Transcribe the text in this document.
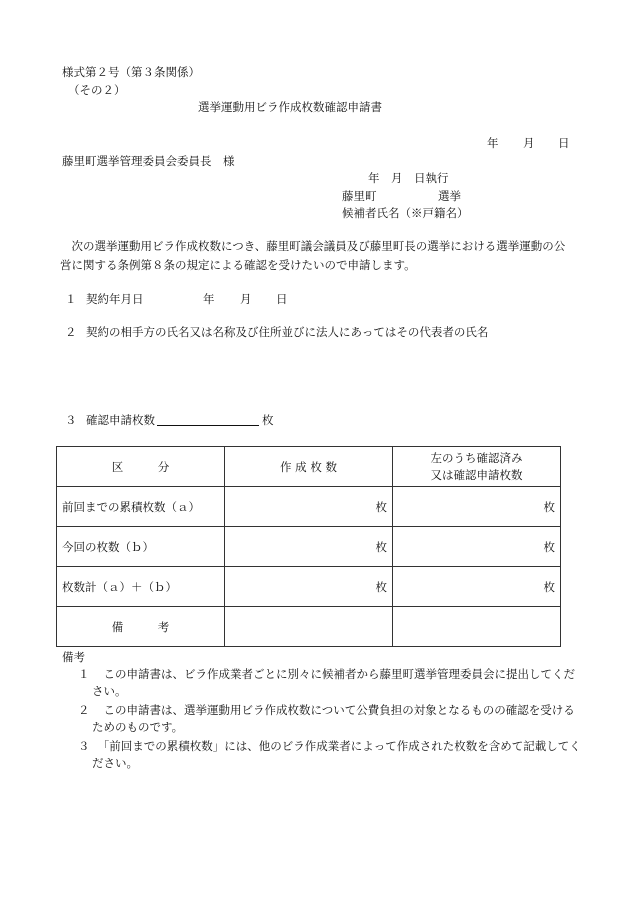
様式第２号（第３条関係）
（その２）
選挙運動用ビラ作成枚数確認申請書
年 月 日
藤里町選挙管理委員会委員長　様
年　月　日執行
藤里町	選挙
候補者氏名（※戸籍名）
次の選挙運動用ビラ作成枚数につき、藤里町議会議員及び藤里町長の選挙における選挙運動の公営に関する条例第８条の規定による確認を受けたいので申請します。
１ 契約年月日	年 月 日
２ 契約の相手方の氏名又は名称及び住所並びに法人にあってはその代表者の氏名
３ 確認申請枚数	枚
区　　　分	作 成 枚 数	左のうち確認済み
又は確認申請枚数

前回までの累積枚数（ａ）	枚	枚
今回の枚数（ｂ）	枚	枚
枚数計（ａ）＋（ｂ）	枚	枚
備　　　考		
備考
１　 この申請書は、ビラ作成業者ごとに別々に候補者から藤里町選挙管理委員会に提出してください。
２　 この申請書は、選挙運動用ビラ作成枚数について公費負担の対象となるものの確認を受けるためのものです。
３　 「前回までの累積枚数」には、他のビラ作成業者によって作成された枚数を含めて記載してください。
